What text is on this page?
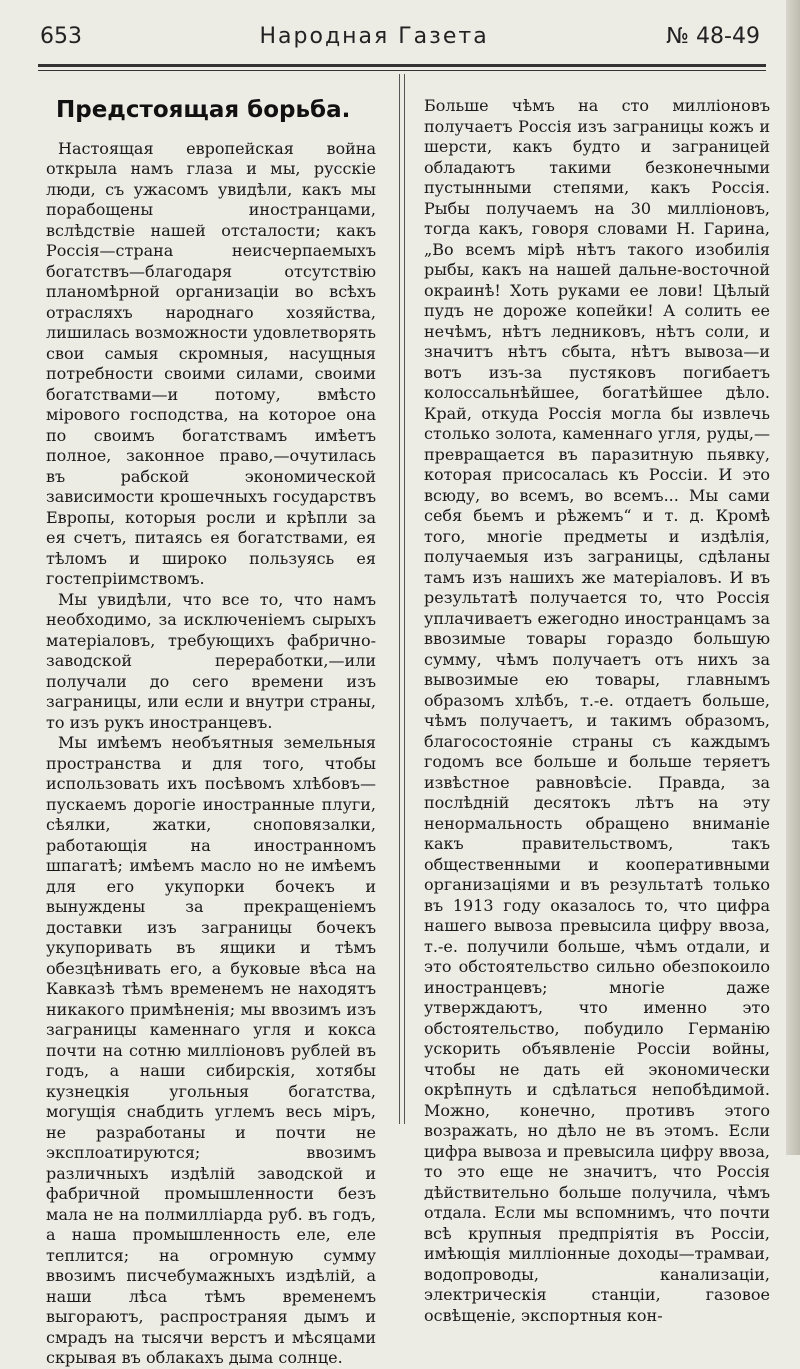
653	Народная Газета	№ 48-49
Предстоящая борьба.

Настоящая европейская война открыла намъ глаза и мы, русскіе люди, съ ужасомъ увидѣли, какъ мы порабощены иностранцами, вслѣдствіе нашей отсталости; какъ Россія—страна неисчерпаемыхъ богатствъ—благодаря отсутствію планомѣрной организаціи во всѣхъ отрасляхъ народнаго хозяйства, лишилась возможности удовлетворять свои самыя скромныя, насущныя потребности своими силами, своими богатствами—и потому, вмѣсто мірового господства, на которое она по своимъ богатствамъ имѣетъ полное, законное право,—очутилась въ рабской экономической зависимости крошечныхъ государствъ Европы, которыя росли и крѣпли за ея счетъ, питаясь ея богатствами, ея тѣломъ и широко пользуясь ея гостепріимствомъ.

Мы увидѣли, что все то, что намъ необходимо, за исключеніемъ сырыхъ матеріаловъ, требующихъ фабрично-заводской переработки,—или получали до сего времени изъ заграницы, или если и внутри страны, то изъ рукъ иностранцевъ.

Мы имѣемъ необъятныя земельныя пространства и для того, чтобы использовать ихъ посѣвомъ хлѣбовъ—пускаемъ дорогіе иностранные плуги, сѣялки, жатки, сноповязалки, работающія на иностранномъ шпагатѣ; имѣемъ масло но не имѣемъ для его укупорки бочекъ и вынуждены за прекращеніемъ доставки изъ заграницы бочекъ укупоривать въ ящики и тѣмъ обезцѣнивать его, а буковые вѣса на Кавказѣ тѣмъ временемъ не находятъ никакого примѣненія; мы ввозимъ изъ заграницы каменнаго угля и кокса почти на сотню милліоновъ рублей въ годъ, а наши сибирскія, хотябы кузнецкія угольныя богатства, могущія снабдить углемъ весь міръ, не разработаны и почти не эксплоатируются; ввозимъ различныхъ издѣлій заводской и фабричной промышленности безъ мала не на полмилліарда руб. въ годъ, а наша промышленность еле, еле теплится; на огромную сумму ввозимъ писчебумажныхъ издѣлій, а наши лѣса тѣмъ временемъ выгораютъ, распространяя дымъ и смрадъ на тысячи верстъ и мѣсяцами скрывая въ облакахъ дыма солнце.

Больше чѣмъ на сто милліоновъ получаетъ Россія изъ заграницы кожъ и шерсти, какъ будто и заграницей обладаютъ такими безконечными пустынными степями, какъ Россія. Рыбы получаемъ на 30 милліоновъ, тогда какъ, говоря словами Н. Гарина, „Во всемъ мірѣ нѣтъ такого изобилія рыбы, какъ на нашей дальне-восточной окраинѣ! Хоть руками ее лови! Цѣлый пудъ не дороже копейки! А солить ее нечѣмъ, нѣтъ ледниковъ, нѣтъ соли, и значитъ нѣтъ сбыта, нѣтъ вывоза—и вотъ изъ-за пустяковъ погибаетъ колоссальнѣйшее, богатѣйшее дѣло. Край, откуда Россія могла бы извлечь столько золота, каменнаго угля, руды,—превращается въ паразитную пьявку, которая присосалась къ Россіи. И это всюду, во всемъ, во всемъ... Мы сами себя бьемъ и рѣжемъ“ и т. д. Кромѣ того, многіе предметы и издѣлія, получаемыя изъ заграницы, сдѣланы тамъ изъ нашихъ же матеріаловъ. И въ результатѣ получается то, что Россія уплачиваетъ ежегодно иностранцамъ за ввозимые товары гораздо большую сумму, чѣмъ получаетъ отъ нихъ за вывозимые ею товары, главнымъ образомъ хлѣбъ, т.-е. отдаетъ больше, чѣмъ получаетъ, и такимъ образомъ, благосостояніе страны съ каждымъ годомъ все больше и больше теряетъ извѣстное равновѣсіе. Правда, за послѣдній десятокъ лѣтъ на эту ненормальность обращено вниманіе какъ правительствомъ, такъ общественными и кооперативными организаціями и въ результатѣ только въ 1913 году оказалось то, что цифра нашего вывоза превысила цифру ввоза, т.-е. получили больше, чѣмъ отдали, и это обстоятельство сильно обезпокоило иностранцевъ; многіе даже утверждаютъ, что именно это обстоятельство, побудило Германію ускорить объявленіе Россіи войны, чтобы не дать ей экономически окрѣпнуть и сдѣлаться непобѣдимой. Можно, конечно, противъ этого возражать, но дѣло не въ этомъ. Если цифра вывоза и превысила цифру ввоза, то это еще не значитъ, что Россія дѣйствительно больше получила, чѣмъ отдала. Если мы вспомнимъ, что почти всѣ крупныя предпріятія въ Россіи, имѣющія милліонные доходы—трамваи, водопроводы, канализаціи, электрическія станціи, газовое освѣщеніе, экспортныя кон-
